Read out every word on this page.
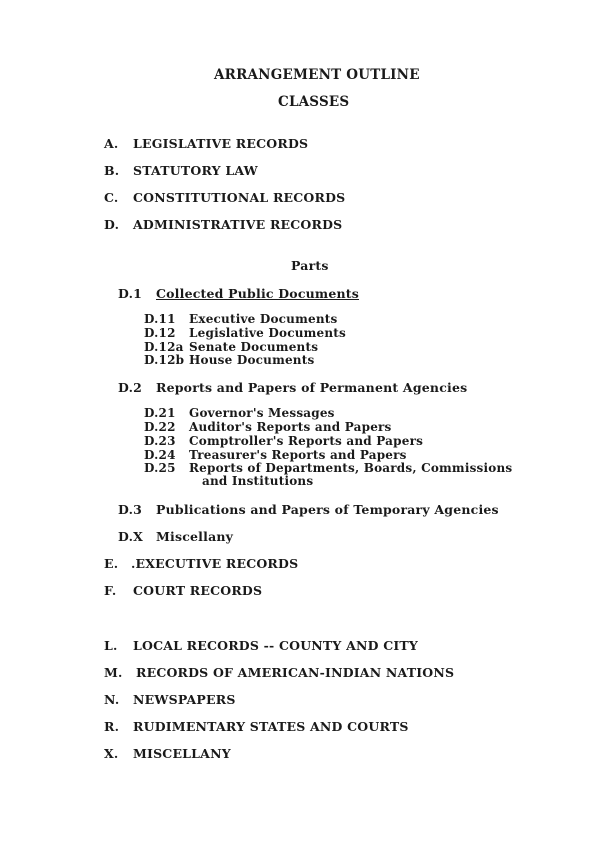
ARRANGEMENT OUTLINE
CLASSES
A. LEGISLATIVE RECORDS
B. STATUTORY LAW
C. CONSTITUTIONAL RECORDS
D. ADMINISTRATIVE RECORDS
Parts
D.1 Collected Public Documents
D.11 Executive Documents
D.12 Legislative Documents
D.12a Senate Documents
D.12b House Documents
D.2 Reports and Papers of Permanent Agencies
D.21 Governor's Messages
D.22 Auditor's Reports and Papers
D.23 Comptroller's Reports and Papers
D.24 Treasurer's Reports and Papers
D.25 Reports of Departments, Boards, Commissions
and Institutions
D.3 Publications and Papers of Temporary Agencies
D.X Miscellany
E. .EXECUTIVE RECORDS
F. COURT RECORDS
L. LOCAL RECORDS -- COUNTY AND CITY
M. RECORDS OF AMERICAN-INDIAN NATIONS
N. NEWSPAPERS
R. RUDIMENTARY STATES AND COURTS
X. MISCELLANY
